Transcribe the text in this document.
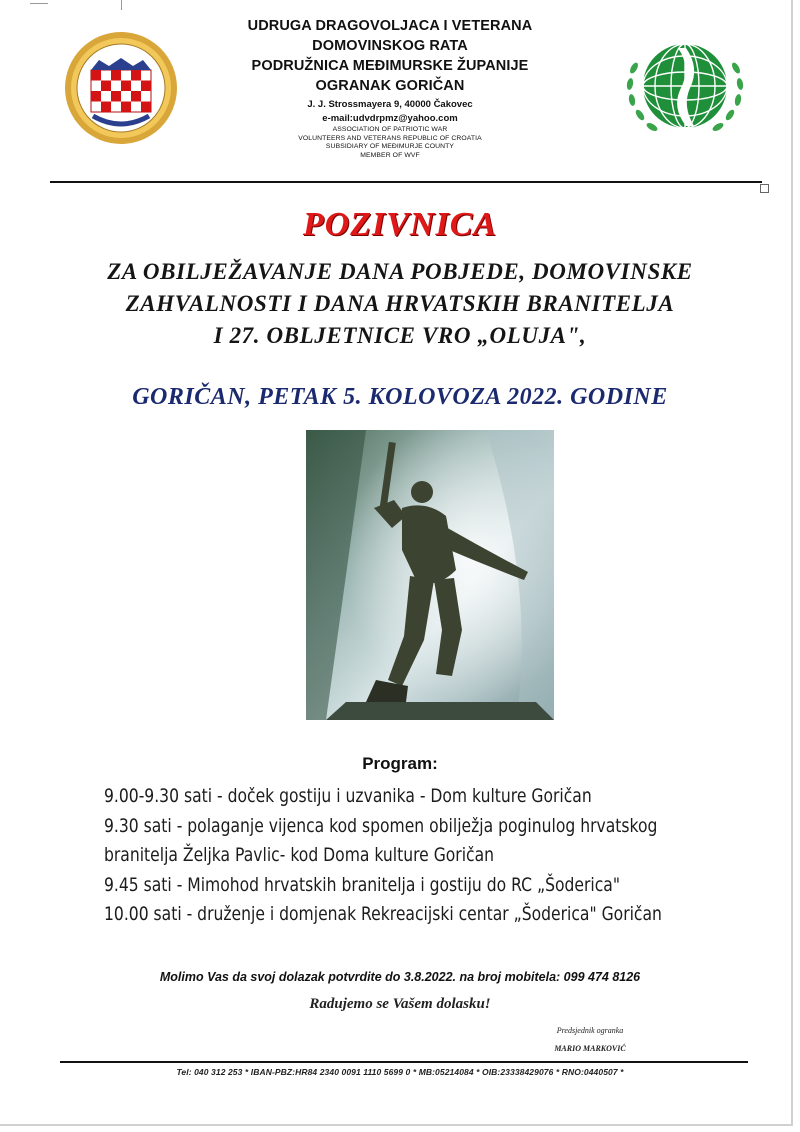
UDRUGA DRAGOVOLJACA I VETERANA
DOMOVINSKOG RATA
PODRUŽNICA MEĐIMURSKE ŽUPANIJE
OGRANAK GORIČAN
J. J. Strossmayera 9, 40000 Čakovec
e-mail:udvdrpmz@yahoo.com
ASSOCIATION OF PATRIOTIC WAR
VOLUNTEERS AND VETERANS REPUBLIC OF CROATIA
SUBSIDIARY OF MEĐIMURJE COUNTY
MEMBER OF WVF
POZIVNICA
ZA OBILJEŽAVANJE DANA POBJEDE, DOMOVINSKE
ZAHVALNOSTI I DANA HRVATSKIH BRANITELJA
I 27. OBLJETNICE VRO „OLUJA",
GORIČAN, PETAK 5. KOLOVOZA 2022. GODINE
Program:
9.00-9.30 sati - doček gostiju i uzvanika - Dom kulture Goričan
9.30 sati - polaganje vijenca kod spomen obilježja poginulog hrvatskog
branitelja Željka Pavlic- kod Doma kulture Goričan
9.45 sati - Mimohod hrvatskih branitelja i gostiju do RC „Šoderica"
10.00 sati - druženje i domjenak Rekreacijski centar „Šoderica" Goričan
Molimo Vas da svoj dolazak potvrdite do 3.8.2022. na broj mobitela: 099 474 8126
Radujemo se Vašem dolasku!
Predsjednik ogranka
MARIO MARKOVIĆ
Tel: 040 312 253 * IBAN-PBZ:HR84 2340 0091 1110 5699 0 * MB:05214084 * OIB:23338429076 * RNO:0440507 *
